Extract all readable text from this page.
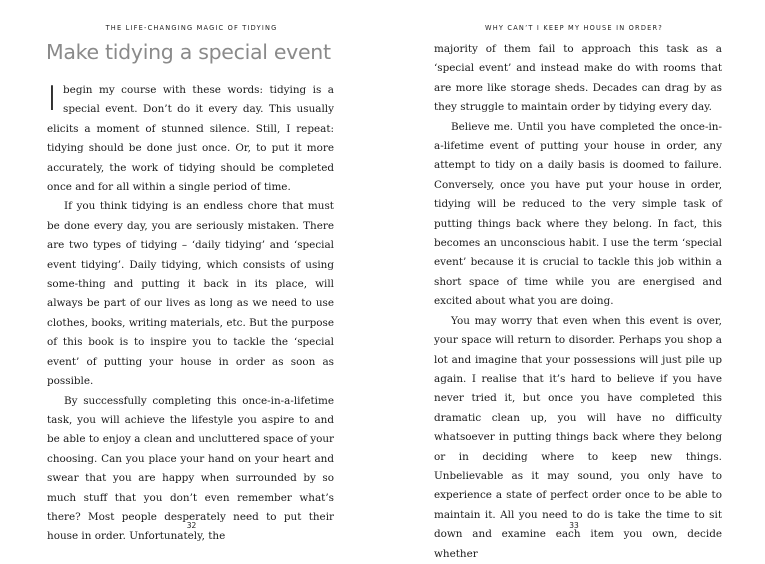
THE LIFE-CHANGING MAGIC OF TIDYING
Make tidying a special event

I begin my course with these words: tidying is a special event. Don’t do it every day. This usually elicits a moment of stunned silence. Still, I repeat: tidying should be done just once. Or, to put it more accurately, the work of tidying should be completed once and for all within a single period of time.

If you think tidying is an endless chore that must be done every day, you are seriously mistaken. There are two types of tidying – ‘daily tidying’ and ‘special event tidying’. Daily tidying, which consists of using some-thing and putting it back in its place, will always be part of our lives as long as we need to use clothes, books, writing materials, etc. But the purpose of this book is to inspire you to tackle the ‘special event’ of putting your house in order as soon as possible.

By successfully completing this once-in-a-lifetime task, you will achieve the lifestyle you aspire to and be able to enjoy a clean and uncluttered space of your choosing. Can you place your hand on your heart and swear that you are happy when surrounded by so much stuff that you don’t even remember what’s there? Most people desperately need to put their house in order. Unfortunately, the

32
WHY CAN’T I KEEP MY HOUSE IN ORDER?

majority of them fail to approach this task as a ‘special event’ and instead make do with rooms that are more like storage sheds. Decades can drag by as they struggle to maintain order by tidying every day.

Believe me. Until you have completed the once-in-a-lifetime event of putting your house in order, any attempt to tidy on a daily basis is doomed to failure. Conversely, once you have put your house in order, tidying will be reduced to the very simple task of putting things back where they belong. In fact, this becomes an unconscious habit. I use the term ‘special event’ because it is crucial to tackle this job within a short space of time while you are energised and excited about what you are doing.

You may worry that even when this event is over, your space will return to disorder. Perhaps you shop a lot and imagine that your possessions will just pile up again. I realise that it’s hard to believe if you have never tried it, but once you have completed this dramatic clean up, you will have no difficulty whatsoever in putting things back where they belong or in deciding where to keep new things. Unbelievable as it may sound, you only have to experience a state of perfect order once to be able to maintain it. All you need to do is take the time to sit down and examine each item you own, decide whether

33
